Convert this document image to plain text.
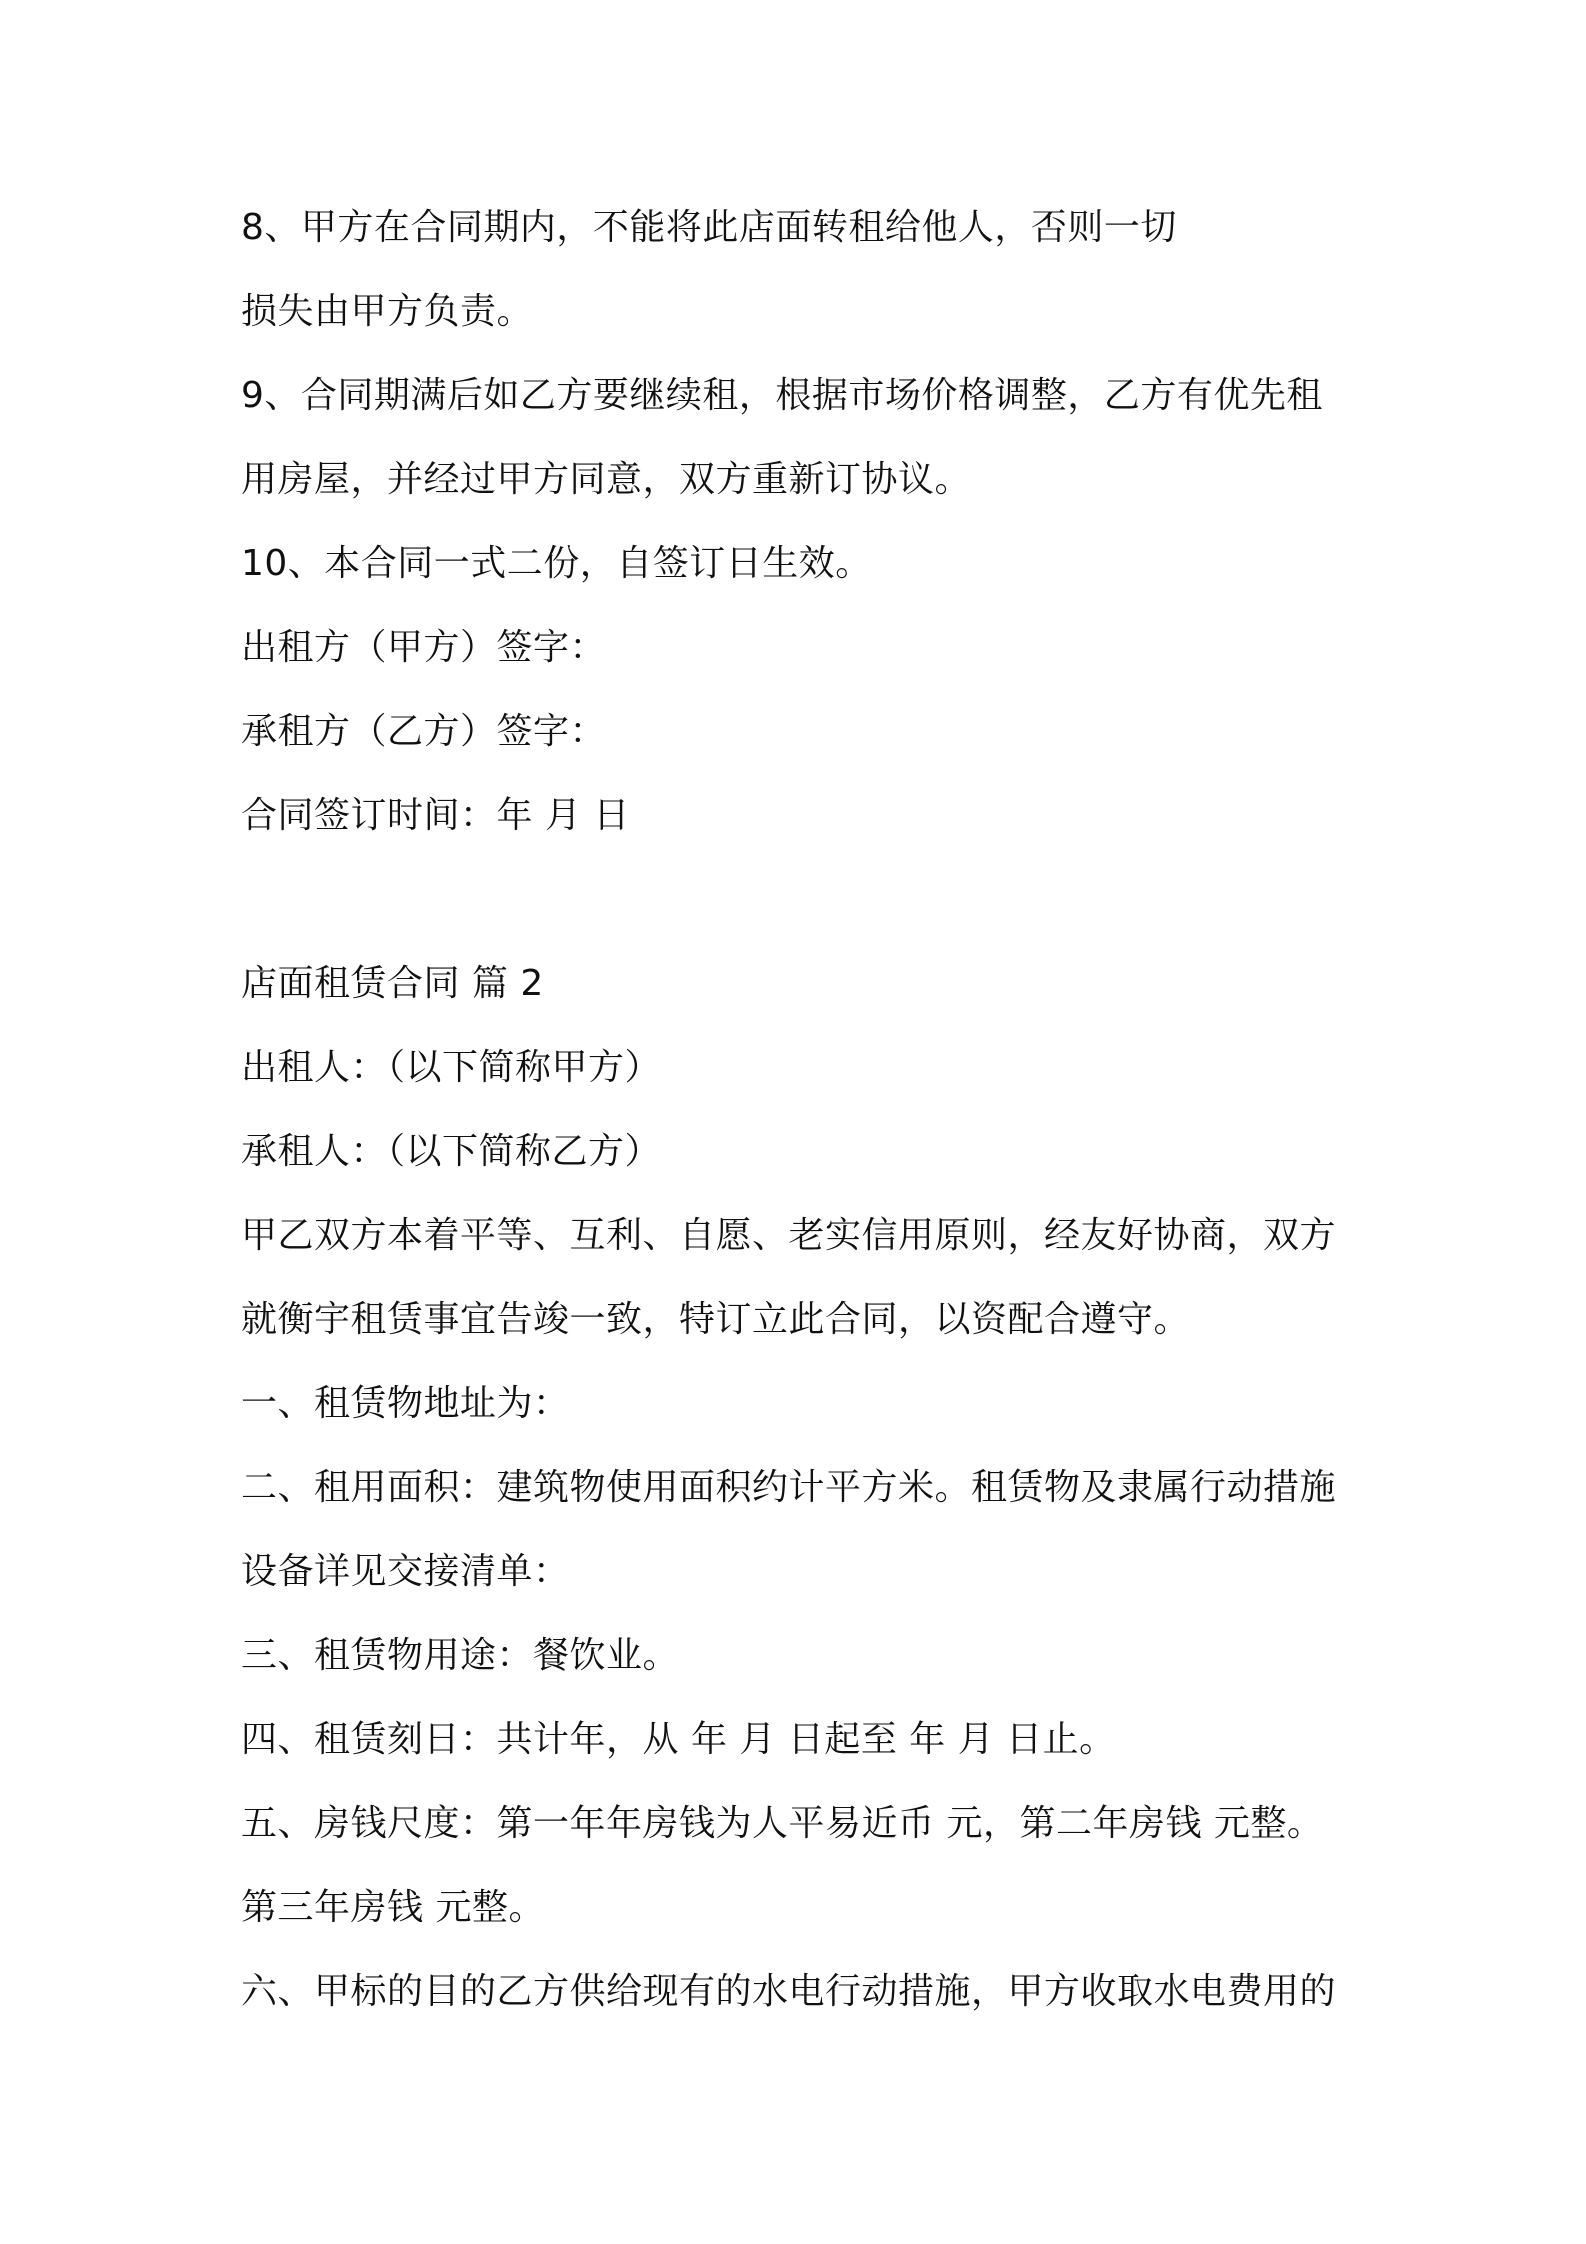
8、甲方在合同期内，不能将此店面转租给他人，否则一切
损失由甲方负责。
9、合同期满后如乙方要继续租，根据市场价格调整，乙方有优先租
用房屋，并经过甲方同意，双方重新订协议。
10、本合同一式二份，自签订日生效。
出租方（甲方）签字：
承租方（乙方）签字：
合同签订时间：年 月 日
店面租赁合同 篇 2
出租人：（以下简称甲方）
承租人：（以下简称乙方）
甲乙双方本着平等、互利、自愿、老实信用原则，经友好协商，双方
就衡宇租赁事宜告竣一致，特订立此合同，以资配合遵守。
一、租赁物地址为：
二、租用面积：建筑物使用面积约计平方米。租赁物及隶属行动措施
设备详见交接清单：
三、租赁物用途：餐饮业。
四、租赁刻日：共计年，从 年 月 日起至 年 月 日止。
五、房钱尺度：第一年年房钱为人平易近币 元，第二年房钱 元整。
第三年房钱 元整。
六、甲标的目的乙方供给现有的水电行动措施，甲方收取水电费用的
